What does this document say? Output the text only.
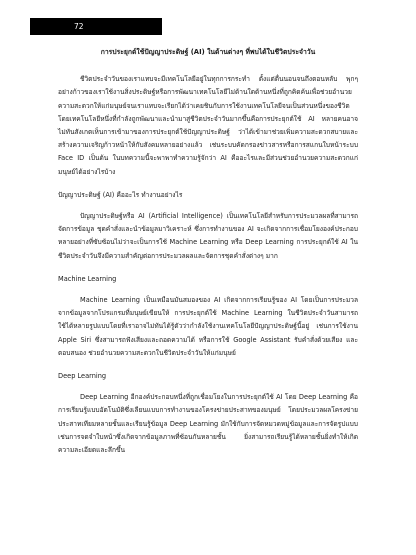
72
การประยุกต์ใช้ปัญญาประดิษฐ์ (AI) ในด้านต่างๆ ที่พบได้ในชีวิตประจำวัน

ชีวิตประจำวันของเราแทบจะมีเทคโนโลยีอยู่ในทุกการกระทำ ตั้งแต่ตื่นนอนจนถึงตอนหลับ พุกๆ อย่างก้าวของเราใช้งานสิ่งประดิษฐ์หรือการพัฒนาเทคโนโลยีไม่ด้านใดด้านหนึ่งที่ถูกคิดค้นเพื่อช่วยอำนวยความสะดวกให้แก่มนุษย์จนเราแทบจะเรียกได้ว่าเคยชินกับการใช้งานเทคโนโลยีจนเป็นส่วนหนึ่งของชีวิต โดยเทคโนโลยีหนึ่งที่กำลังถูกพัฒนาและนำมาสู่ชีวิตประจำวันมากขึ้นคือการประยุกต์ใช้ AI หลายคนอาจไม่ทันสังเกตเห็นการเข้ามาของการประยุกต์ใช้ปัญญาประดิษฐ์ ว่าได้เข้ามาช่วยเพิ่มความสะดวกสบายและสร้างความเจริญก้าวหน้าให้กับสังคมหลายอย่างแล้ว เช่นระบบคัดกรองข่าวสารหรือการสแกนใบหน้าระบบ Face ID เป็นต้น ในบทความนี้จะพาพาทำความรู้จักว่า AI คืออะไรและมีส่วนช่วยอำนวยความสะดวกแก่มนุษย์ได้อย่างไรบ้าง

ปัญญาประดิษฐ์ (AI) คืออะไร ทำงานอย่างไร

ปัญญาประดิษฐ์หรือ AI (Artificial Intelligence) เป็นเทคโนโลยีสำหรับการประมวลผลที่สามารถจัดการข้อมูล ชุดคำสั่งและนำข้อมูลมาวิเคราะห์ ซึ่งการทำงานของ AI จะเกิดจากการเชื่อมโยงองค์ประกอบหลายอย่างที่ซับซ้อนไม่ว่าจะเป็นการใช้ Machine Learning หรือ Deep Learning การประยุกต์ใช้ AI ในชีวิตประจำวันจึงมีความสำคัญต่อการประมวลผลและจัดการชุดคำสั่งต่างๆ มาก

Machine Learning

Machine Learning เป็นเหมือนมันสมองของ AI เกิดจากการเรียนรู้ของ AI โดยเป็นการประมวลจากข้อมูลจากโปรแกรมที่มนุษย์เขียนให้ การประยุกต์ใช้ Machine Learning ในชีวิตประจำวันสามารถใช้ได้หลายรูปแบบโดยที่เราอาจไม่ทันได้รู้ตัวว่ากำลังใช้งานเทคโนโลยีปัญญาประดิษฐ์นี้อยู่ เช่นการใช้งาน Apple Siri ซึ่งสามารถฟังเสียงและถอดความได้ หรือการใช้ Google Assistant รับคำสั่งด้วยเสียง และตอบสนอง ช่วยอำนวยความสะดวกในชีวิตประจำวันให้แก่มนุษย์

Deep Learning

Deep Learning อีกองค์ประกอบหนึ่งที่ถูกเชื่อมโยงในการประยุกต์ใช้ AI โดย Deep Learning คือการเรียนรู้แบบอัตโนมัติซึ่งเลียนแบบการทำงานของโครงข่ายประสาทของมนุษย์ โดยประมวลผลโครงข่ายประสาทเทียมหลายชั้นและเรียนรู้ข้อมูล Deep Learning มักใช้กับการจัดหมวดหมู่ข้อมูลและการจัดรูปแบบ เช่นการจดจำใบหน้าซึ่งเกิดจากข้อมูลภาพที่ซ้อนกันหลายชั้น ยิ่งสามารถเรียนรู้ได้หลายชั้นยิ่งทำให้เกิดความละเอียดและลึกขึ้น
